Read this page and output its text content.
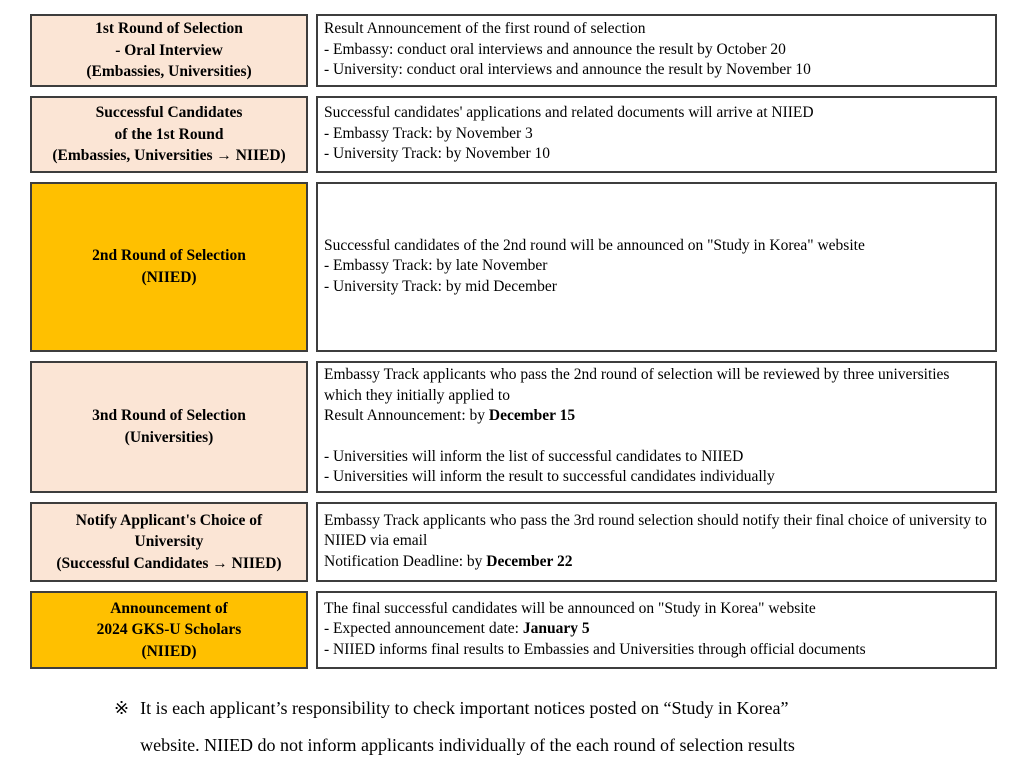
1st Round of Selection
- Oral Interview
(Embassies, Universities)
Result Announcement of the first round of selection
- Embassy: conduct oral interviews and announce the result by October 20
- University: conduct oral interviews and announce the result by November 10
Successful Candidates
of the 1st Round
(Embassies, Universities → NIIED)
Successful candidates' applications and related documents will arrive at NIIED
- Embassy Track: by November 3
- University Track: by November 10
2nd Round of Selection
(NIIED)
Successful candidates of the 2nd round will be announced on "Study in Korea" website
- Embassy Track: by late November
- University Track: by mid December
3nd Round of Selection
(Universities)
Embassy Track applicants who pass the 2nd round of selection will be reviewed by three universities which they initially applied to
Result Announcement: by December 15
- Universities will inform the list of successful candidates to NIIED
- Universities will inform the result to successful candidates individually
Notify Applicant's Choice of
University
(Successful Candidates → NIIED)
Embassy Track applicants who pass the 3rd round selection should notify their final choice of university to NIIED via email
Notification Deadline: by December 22
Announcement of
2024 GKS-U Scholars
(NIIED)
The final successful candidates will be announced on "Study in Korea" website
- Expected announcement date: January 5
- NIIED informs final results to Embassies and Universities through official documents
※ It is each applicant’s responsibility to check important notices posted on “Study in Korea”
website. NIIED do not inform applicants individually of the each round of selection results
